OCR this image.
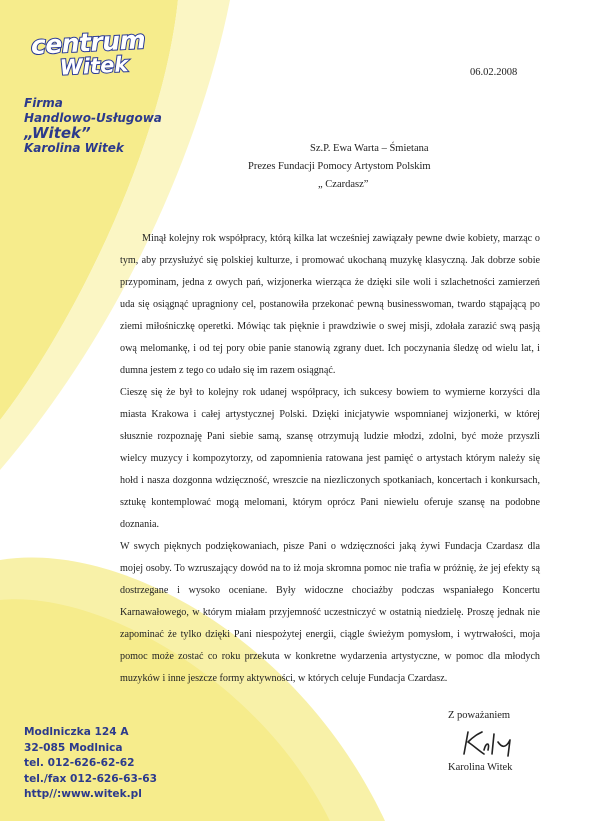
centrum
Witek
Firma
Handlowo-Usługowa
„Witek”
Karolina Witek
06.02.2008
Sz.P. Ewa Warta – Śmietana
Prezes Fundacji Pomocy Artystom Polskim
„ Czardasz”

Minął kolejny rok współpracy, którą kilka lat wcześniej zawiązały pewne dwie kobiety, marząc o tym, aby przysłużyć się polskiej kulturze, i promować ukochaną muzykę klasyczną. Jak dobrze sobie przypominam, jedna z owych pań, wizjonerka wierząca że dzięki sile woli i szlachetności zamierzeń uda się osiągnąć upragniony cel, postanowiła przekonać pewną businesswoman, twardo stąpającą po ziemi miłośniczkę operetki. Mówiąc tak pięknie i prawdziwie o swej misji, zdołała zarazić swą pasją ową melomankę, i od tej pory obie panie stanowią zgrany duet. Ich poczynania śledzę od wielu lat, i dumna jestem z tego co udało się im razem osiągnąć.

Cieszę się że był to kolejny rok udanej współpracy, ich sukcesy bowiem to wymierne korzyści dla miasta Krakowa i całej artystycznej Polski. Dzięki inicjatywie wspomnianej wizjonerki, w której słusznie rozpoznaję Pani siebie samą, szansę otrzymują ludzie młodzi, zdolni, być może przyszli wielcy muzycy i kompozytorzy, od zapomnienia ratowana jest pamięć o artystach którym należy się hołd i nasza dozgonna wdzięczność, wreszcie na niezliczonych spotkaniach, koncertach i konkursach, sztukę kontemplować mogą melomani, którym oprócz Pani niewielu oferuje szansę na podobne doznania.

W swych pięknych podziękowaniach, pisze Pani o wdzięczności jaką żywi Fundacja Czardasz dla mojej osoby. To wzruszający dowód na to iż moja skromna pomoc nie trafia w próżnię, że jej efekty są dostrzegane i wysoko oceniane. Były widoczne chociażby podczas wspaniałego Koncertu Karnawałowego, w którym miałam przyjemność uczestniczyć w ostatnią niedzielę. Proszę jednak nie zapominać że tylko dzięki Pani niespożytej energii, ciągle świeżym pomysłom, i wytrwałości, moja pomoc może zostać co roku przekuta w konkretne wydarzenia artystyczne, w pomoc dla młodych muzyków i inne jeszcze formy aktywności, w których celuje Fundacja Czardasz.

Z poważaniem
Karolina Witek
Modlniczka 124 A
32-085 Modlnica
tel. 012-626-62-62
tel./fax 012-626-63-63
http//:www.witek.pl
